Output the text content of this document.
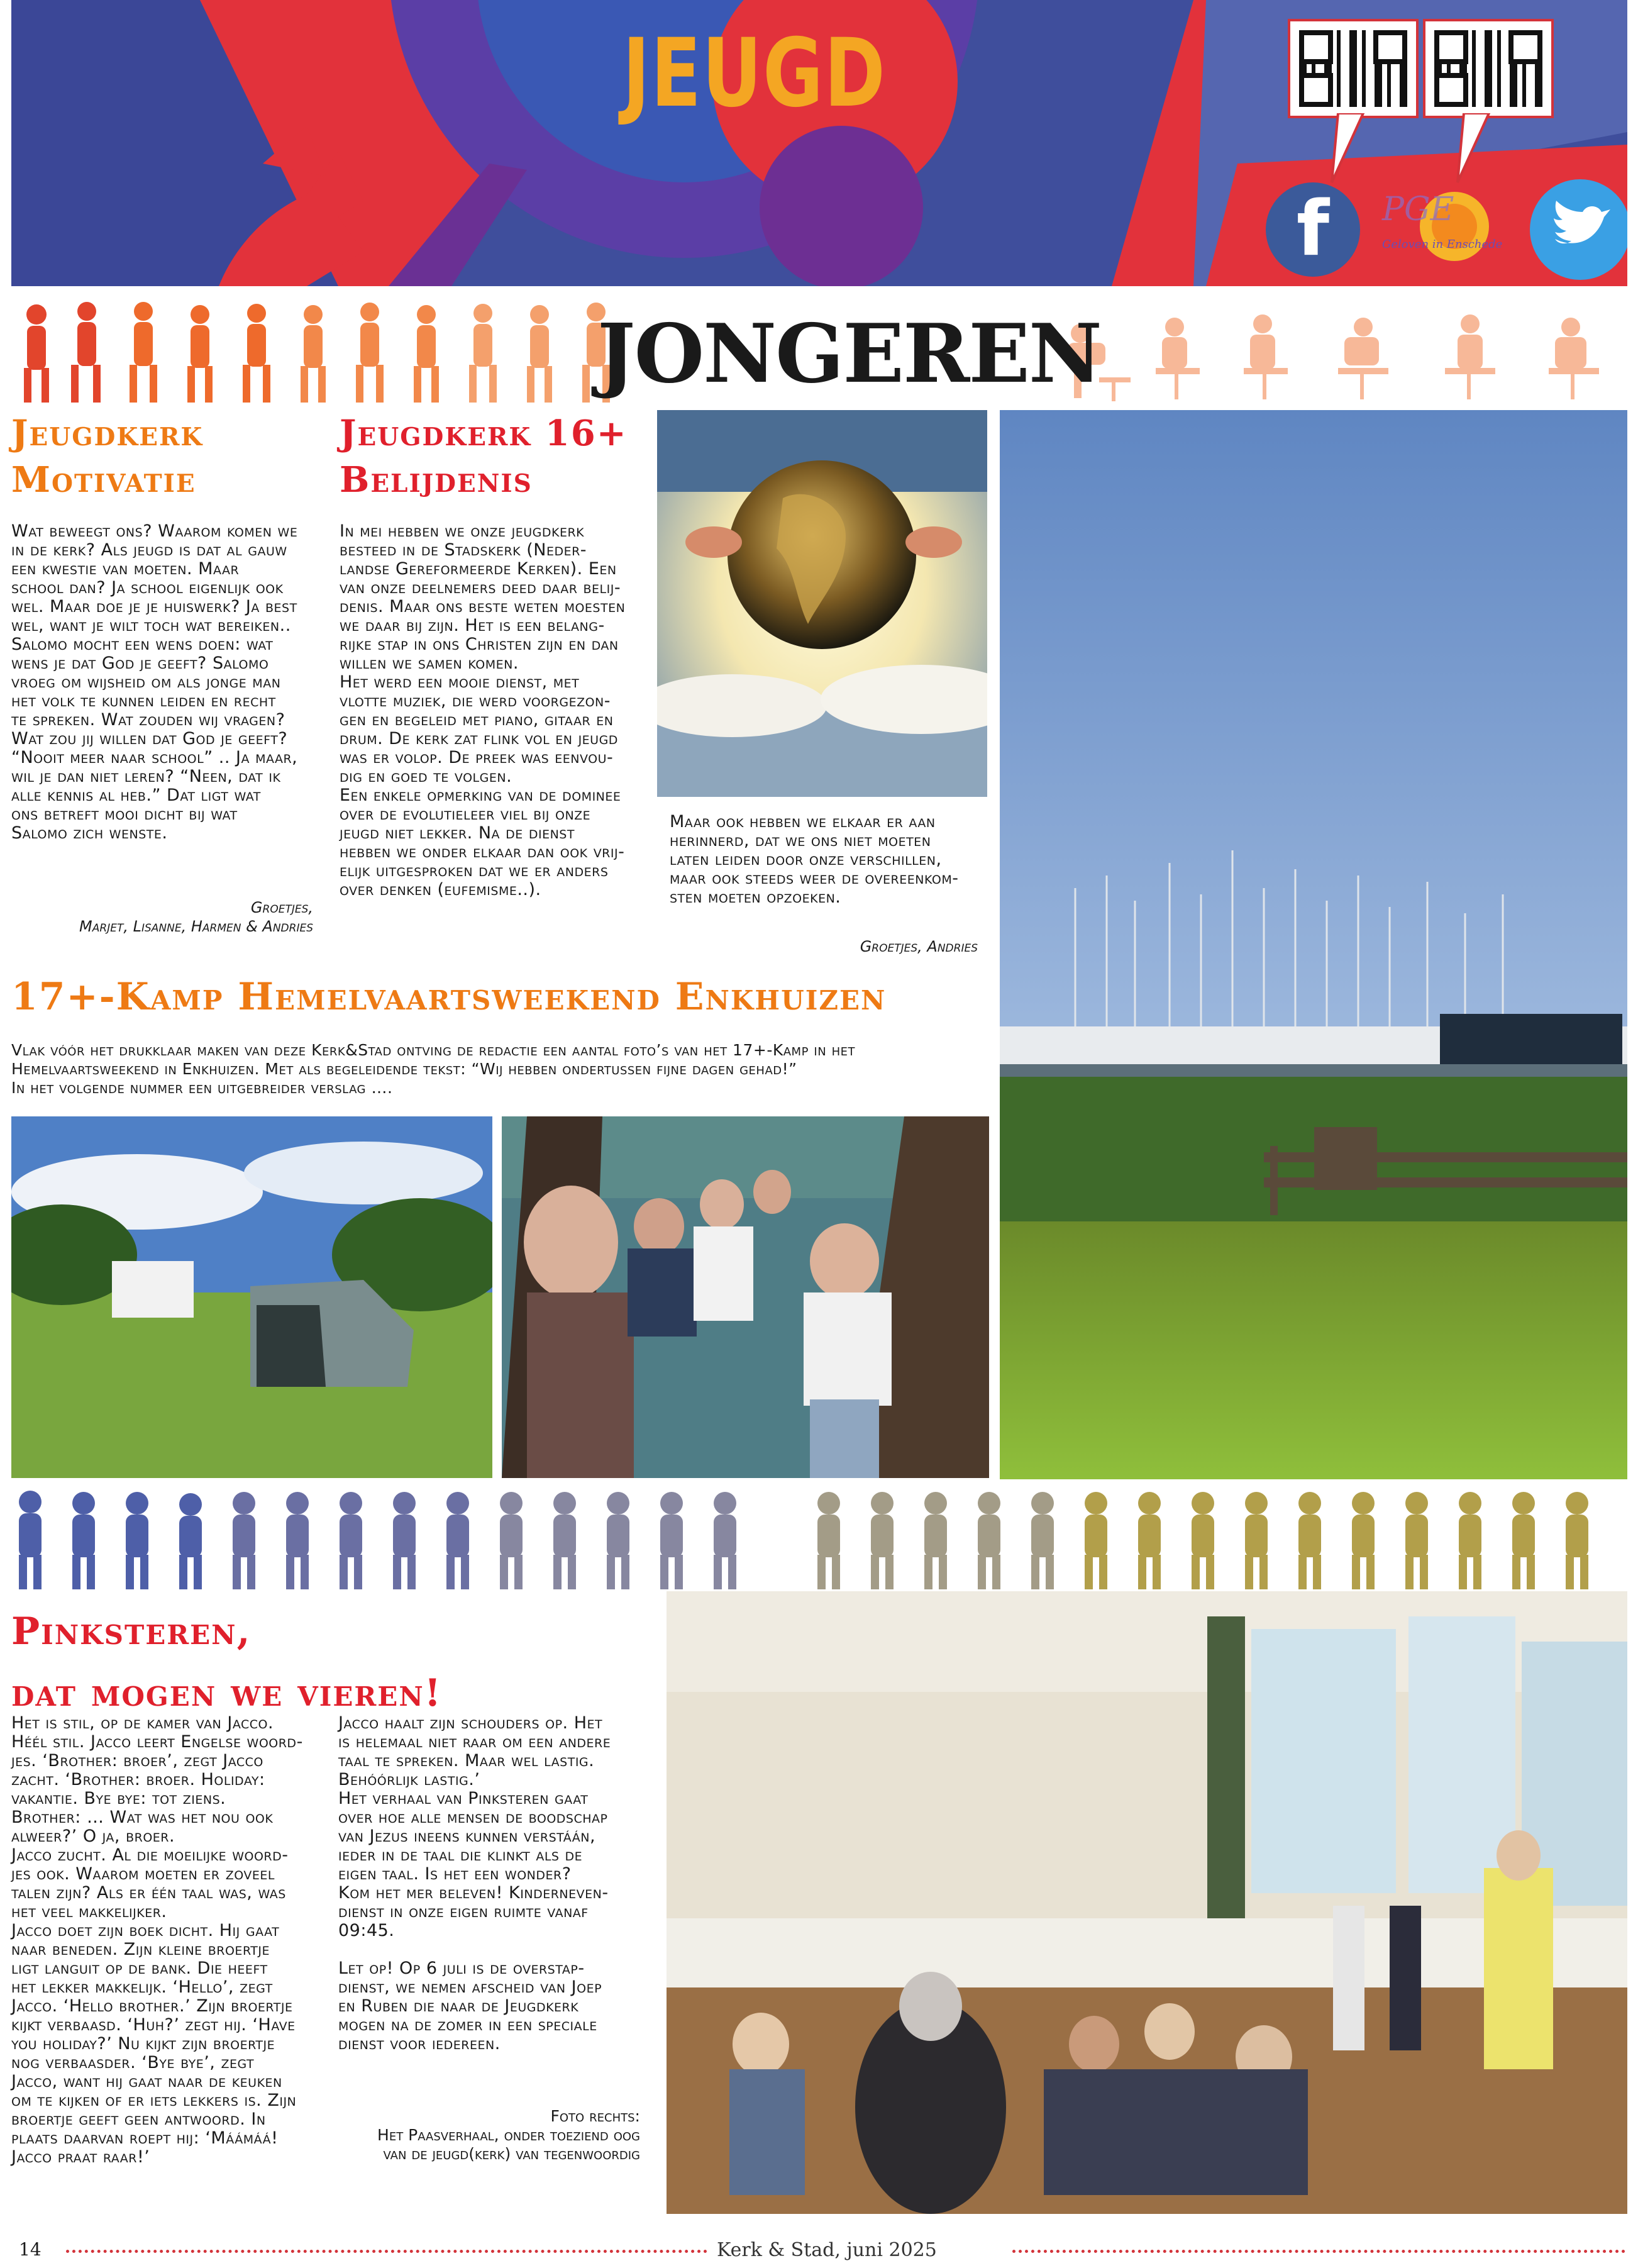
JEUGD
f	PGE
Geloven in Enschede
JONGEREN
Jeugdkerk
Motivatie

Wat beweegt ons? Waarom komen we
in de kerk? Als jeugd is dat al gauw
een kwestie van moeten. Maar
school dan? Ja school eigenlijk ook
wel. Maar doe je je huiswerk? Ja best
wel, want je wilt toch wat bereiken..
Salomo mocht een wens doen: wat
wens je dat God je geeft? Salomo
vroeg om wijsheid om als jonge man
het volk te kunnen leiden en recht
te spreken. Wat zouden wij vragen?
Wat zou jij willen dat God je geeft?
“Nooit meer naar school” .. Ja maar,
wil je dan niet leren? “Neen, dat ik
alle kennis al heb.” Dat ligt wat
ons betreft mooi dicht bij wat
Salomo zich wenste.

Groetjes,
Marjet, Lisanne, Harmen & Andries
Jeugdkerk 16+
Belijdenis

In mei hebben we onze jeugdkerk
besteed in de Stadskerk (Neder-
landse Gereformeerde Kerken). Een
van onze deelnemers deed daar belij-
denis. Maar ons beste weten moesten
we daar bij zijn. Het is een belang-
rijke stap in ons Christen zijn en dan
willen we samen komen.
Het werd een mooie dienst, met
vlotte muziek, die werd voorgezon-
gen en begeleid met piano, gitaar en
drum. De kerk zat flink vol en jeugd
was er volop. De preek was eenvou-
dig en goed te volgen.
Een enkele opmerking van de dominee
over de evolutieleer viel bij onze
jeugd niet lekker. Na de dienst
hebben we onder elkaar dan ook vrij-
elijk uitgesproken dat we er anders
over denken (eufemisme..).

Maar ook hebben we elkaar er aan
herinnerd, dat we ons niet moeten
laten leiden door onze verschillen,
maar ook steeds weer de overeenkom-
sten moeten opzoeken.

Groetjes, Andries
17+-Kamp Hemelvaartsweekend Enkhuizen

Vlak vóór het drukklaar maken van deze Kerk&Stad ontving de redactie een aantal foto’s van het 17+-Kamp in het
Hemelvaartsweekend in Enkhuizen. Met als begeleidende tekst: “Wij hebben ondertussen fijne dagen gehad!”
In het volgende nummer een uitgebreider verslag ….

Pinksteren,
dat mogen we vieren!

Het is stil, op de kamer van Jacco.
Héél stil. Jacco leert Engelse woord-
jes. ‘Brother: broer’, zegt Jacco
zacht. ‘Brother: broer. Holiday:
vakantie. Bye bye: tot ziens.
Brother: … Wat was het nou ook
alweer?’ O ja, broer.
Jacco zucht. Al die moeilijke woord-
jes ook. Waarom moeten er zoveel
talen zijn? Als er één taal was, was
het veel makkelijker.
Jacco doet zijn boek dicht. Hij gaat
naar beneden. Zijn kleine broertje
ligt languit op de bank. Die heeft
het lekker makkelijk. ‘Hello’, zegt
Jacco. ‘Hello brother.’ Zijn broertje
kijkt verbaasd. ‘Huh?’ zegt hij. ‘Have
you holiday?’ Nu kijkt zijn broertje
nog verbaasder. ‘Bye bye’, zegt
Jacco, want hij gaat naar de keuken
om te kijken of er iets lekkers is. Zijn
broertje geeft geen antwoord. In
plaats daarvan roept hij: ‘Máámáá!
Jacco praat raar!’

Jacco haalt zijn schouders op. Het
is helemaal niet raar om een andere
taal te spreken. Maar wel lastig.
Behóórlijk lastig.’
Het verhaal van Pinksteren gaat
over hoe alle mensen de boodschap
van Jezus ineens kunnen verstáán,
ieder in de taal die klinkt als de
eigen taal. Is het een wonder?
Kom het mer beleven! Kinderneven-
dienst in onze eigen ruimte vanaf
09:45.

Let op! Op 6 juli is de overstap-
dienst, we nemen afscheid van Joep
en Ruben die naar de Jeugdkerk
mogen na de zomer in een speciale
dienst voor iedereen.

Foto rechts:
Het Paasverhaal, onder toeziend oog
van de jeugd(kerk) van tegenwoordig
14	Kerk & Stad, juni 2025
